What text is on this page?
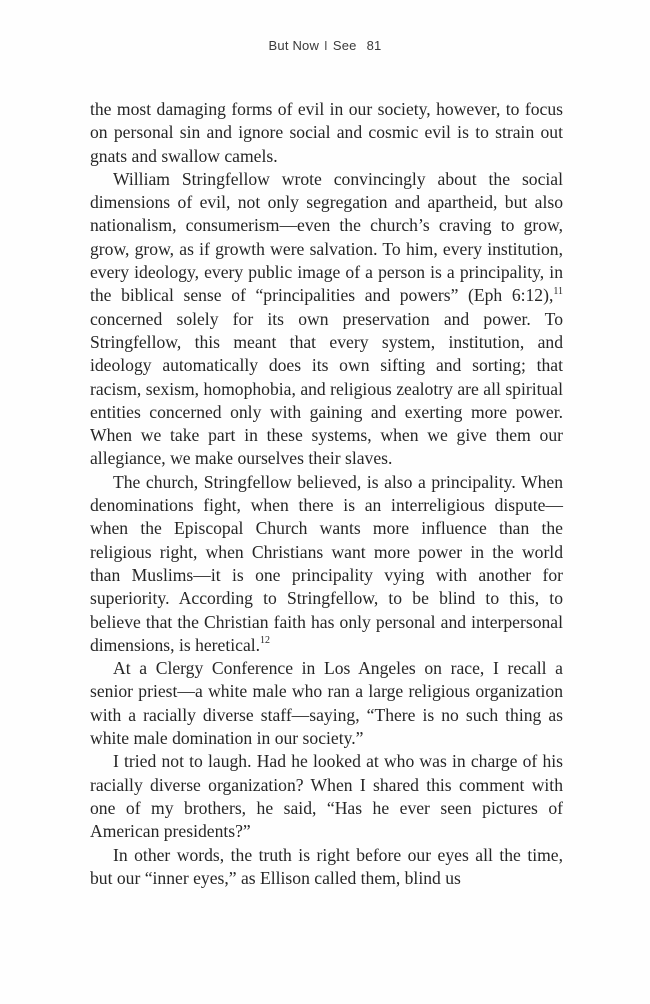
But Now I See 81

the most damaging forms of evil in our society, however, to focus on personal sin and ignore social and cosmic evil is to strain out gnats and swallow camels.

William Stringfellow wrote convincingly about the social dimensions of evil, not only segregation and apartheid, but also nationalism, consumerism—even the church’s craving to grow, grow, grow, as if growth were salvation. To him, every institution, every ideology, every public image of a person is a principality, in the biblical sense of “principalities and powers” (Eph 6:12),$^{11}$ concerned solely for its own preservation and power. To Stringfellow, this meant that every system, institution, and ideology automatically does its own sifting and sorting; that racism, sexism, homophobia, and religious zealotry are all spiritual entities concerned only with gaining and exerting more power. When we take part in these systems, when we give them our allegiance, we make ourselves their slaves.

The church, Stringfellow believed, is also a principality. When denominations fight, when there is an interreligious dispute—when the Episcopal Church wants more influence than the religious right, when Christians want more power in the world than Muslims—it is one principality vying with another for superiority. According to Stringfellow, to be blind to this, to believe that the Christian faith has only personal and interpersonal dimensions, is heretical.$^{12}$

At a Clergy Conference in Los Angeles on race, I recall a senior priest—a white male who ran a large religious organization with a racially diverse staff—saying, “There is no such thing as white male domination in our society.”

I tried not to laugh. Had he looked at who was in charge of his racially diverse organization? When I shared this comment with one of my brothers, he said, “Has he ever seen pictures of American presidents?”

In other words, the truth is right before our eyes all the time, but our “inner eyes,” as Ellison called them, blind us
